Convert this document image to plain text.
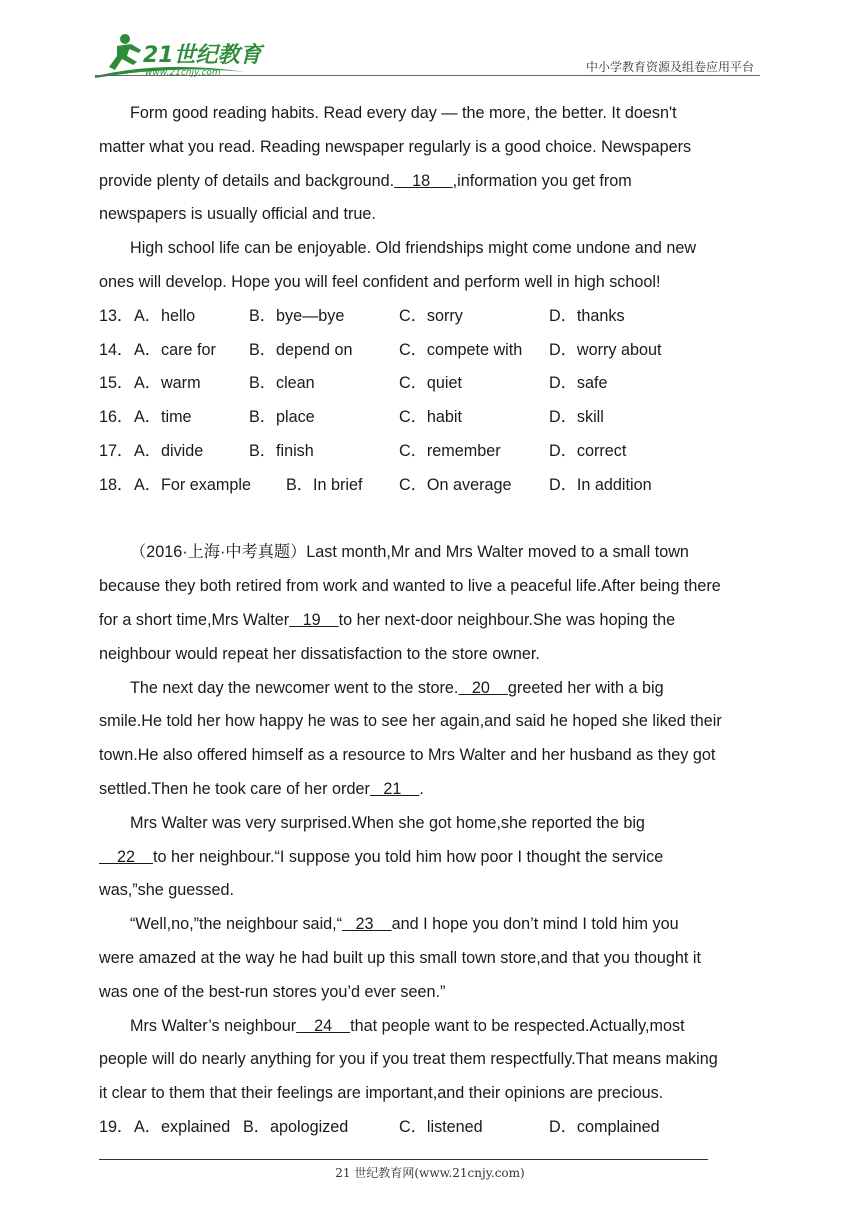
21世纪教育
www.21cnjy.com	中小学教育资源及组卷应用平台
Form good reading habits. Read every day — the more, the better. It doesn't
matter what you read. Reading newspaper regularly is a good choice. Newspapers
provide plenty of details and background.    18     ,information you get from
newspapers is usually official and true.
High school life can be enjoyable. Old friendships might come undone and new
ones will develop. Hope you will feel confident and perform well in high school!
13． A．hello	B．bye—bye	C．sorry	D．thanks
14． A．care for B．depend on	C．compete with D．worry about
15． A．warm	B．clean	C．quiet	D．safe
16． A．time	B．place	C．habit	D．skill
17． A．divide	B．finish	C．remember	D．correct
18． A．For example B．In brief C．On average D．In addition
（2016·上海·中考真题）Last month,Mr and Mrs Walter moved to a small town
because they both retired from work and wanted to live a peaceful life.After being there
for a short time,Mrs Walter   19    to her next-door neighbour.She was hoping the
neighbour would repeat her dissatisfaction to the store owner.
The next day the newcomer went to the store.   20    greeted her with a big
smile.He told her how happy he was to see her again,and said he hoped she liked their
town.He also offered himself as a resource to Mrs Walter and her husband as they got
settled.Then he took care of her order   21    .
Mrs Walter was very surprised.When she got home,she reported the big
22    to her neighbour.“I suppose you told him how poor I thought the service
was,”she guessed.
“Well,no,”the neighbour said,“   23    and I hope you don’t mind I told him you
were amazed at the way he had built up this small town store,and that you thought it
was one of the best-run stores you’d ever seen.”
Mrs Walter’s neighbour    24    that people want to be respected.Actually,most
people will do nearly anything for you if you treat them respectfully.That means making
it clear to them that their feelings are important,and their opinions are precious.
19． A．explained B．apologized	C．listened	D．complained
21 世纪教育网(www.21cnjy.com)
